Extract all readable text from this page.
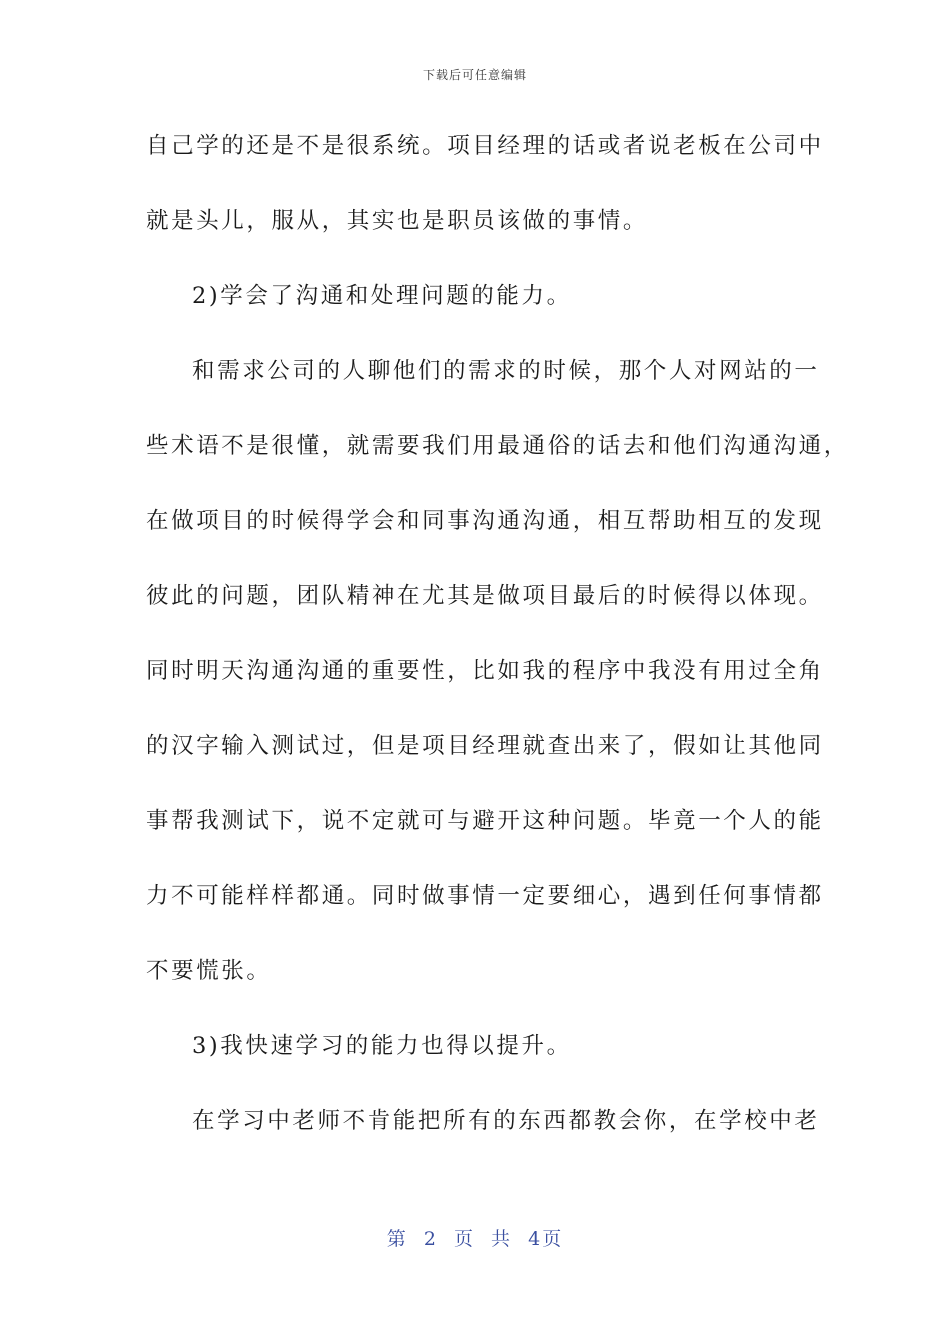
下载后可任意编辑
自己学的还是不是很系统。项目经理的话或者说老板在公司中
就是头儿，服从，其实也是职员该做的事情。
2)学会了沟通和处理问题的能力。
和需求公司的人聊他们的需求的时候，那个人对网站的一
些术语不是很懂，就需要我们用最通俗的话去和他们沟通沟通，
在做项目的时候得学会和同事沟通沟通，相互帮助相互的发现
彼此的问题，团队精神在尤其是做项目最后的时候得以体现。
同时明天沟通沟通的重要性，比如我的程序中我没有用过全角
的汉字输入测试过，但是项目经理就查出来了，假如让其他同
事帮我测试下，说不定就可与避开这种问题。毕竟一个人的能
力不可能样样都通。同时做事情一定要细心，遇到任何事情都
不要慌张。
3)我快速学习的能力也得以提升。
在学习中老师不肯能把所有的东西都教会你，在学校中老
第 2 页 共 4页
